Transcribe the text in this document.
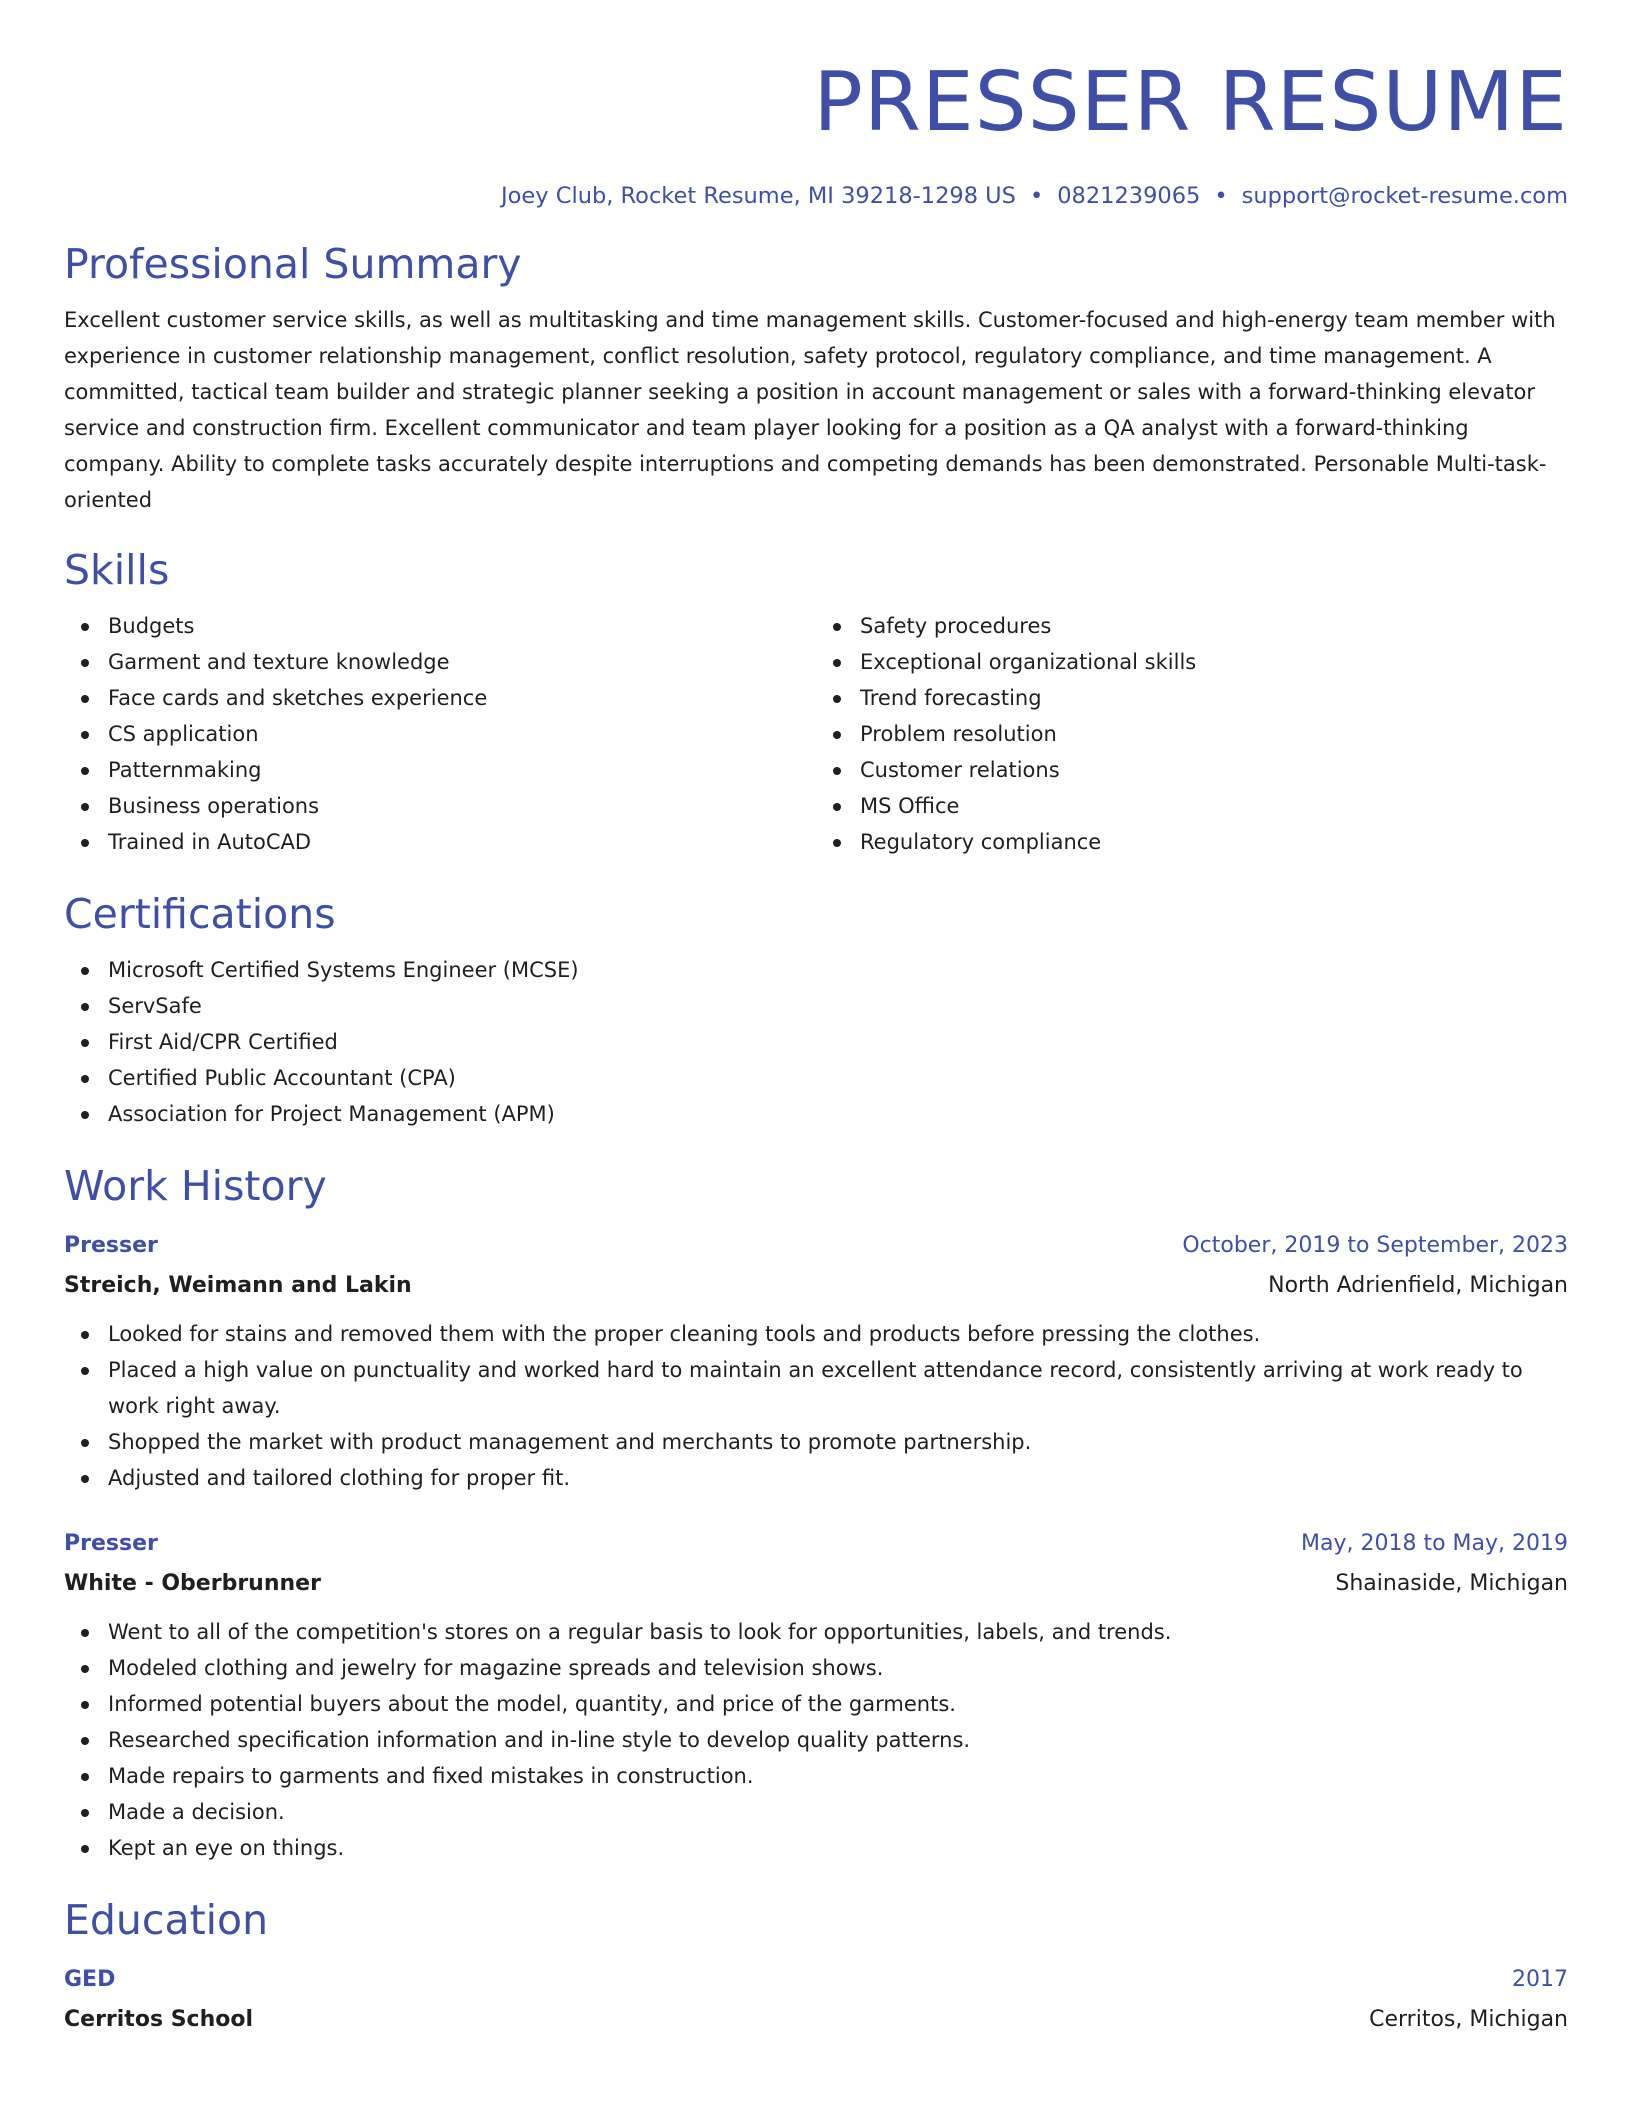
PRESSER RESUME
Joey Club, Rocket Resume, MI 39218-1298 US • 0821239065 • support@rocket-resume.com
Professional Summary

Excellent customer service skills, as well as multitasking and time management skills. Customer-focused and high-energy team member with experience in customer relationship management, conflict resolution, safety protocol, regulatory compliance, and time management. A committed, tactical team builder and strategic planner seeking a position in account management or sales with a forward-thinking elevator service and construction firm. Excellent communicator and team player looking for a position as a QA analyst with a forward-thinking company. Ability to complete tasks accurately despite interruptions and competing demands has been demonstrated. Personable Multi-task-oriented

Skills
Budgets
Garment and texture knowledge
Face cards and sketches experience
CS application
Patternmaking
Business operations
Trained in AutoCAD
Safety procedures
Exceptional organizational skills
Trend forecasting
Problem resolution
Customer relations
MS Office
Regulatory compliance
Certifications
Microsoft Certified Systems Engineer (MCSE)
ServSafe
First Aid/CPR Certified
Certified Public Accountant (CPA)
Association for Project Management (APM)
Work History
Presser	October, 2019 to September, 2023
Streich, Weimann and Lakin	North Adrienfield, Michigan
Looked for stains and removed them with the proper cleaning tools and products before pressing the clothes.
Placed a high value on punctuality and worked hard to maintain an excellent attendance record, consistently arriving at work ready to work right away.
Shopped the market with product management and merchants to promote partnership.
Adjusted and tailored clothing for proper fit.
Presser	May, 2018 to May, 2019
White - Oberbrunner	Shainaside, Michigan
Went to all of the competition's stores on a regular basis to look for opportunities, labels, and trends.
Modeled clothing and jewelry for magazine spreads and television shows.
Informed potential buyers about the model, quantity, and price of the garments.
Researched specification information and in-line style to develop quality patterns.
Made repairs to garments and fixed mistakes in construction.
Made a decision.
Kept an eye on things.
Education
GED	2017
Cerritos School	Cerritos, Michigan
